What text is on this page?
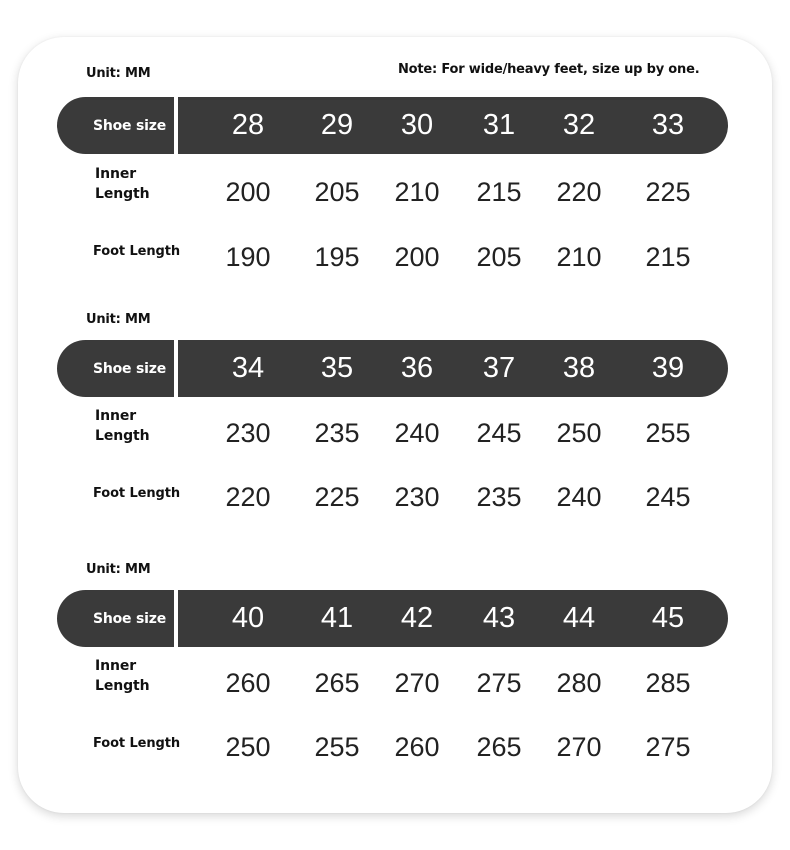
Note: For wide/heavy feet, size up by one.
Unit: MM
Shoe size	28	29	30	31	32	33
Inner
Length	200	205	210	215	220	225
Foot Length	190	195	200	205	210	215
Unit: MM
Shoe size	34	35	36	37	38	39
Inner
Length	230	235	240	245	250	255
Foot Length	220	225	230	235	240	245
Unit: MM
Shoe size	40	41	42	43	44	45
Inner
Length	260	265	270	275	280	285
Foot Length	250	255	260	265	270	275
